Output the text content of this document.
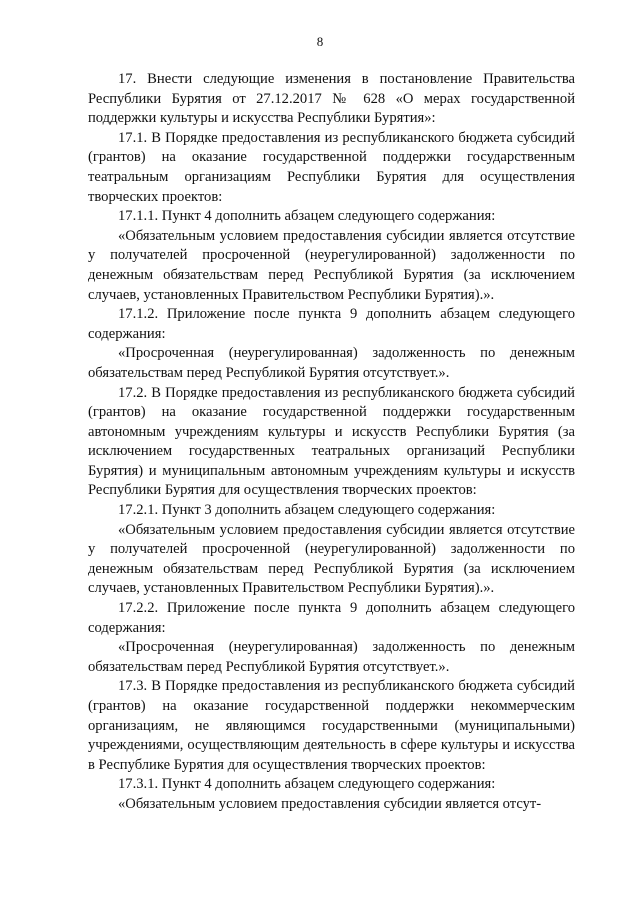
8

17. Внести следующие изменения в постановление Правительства Республики Бурятия от 27.12.2017 № 628 «О мерах государственной поддержки культуры и искусства Республики Бурятия»:

17.1. В Порядке предоставления из республиканского бюджета субсидий (грантов) на оказание государственной поддержки государственным театральным организациям Республики Бурятия для осуществления творческих проектов:

17.1.1. Пункт 4 дополнить абзацем следующего содержания:

«Обязательным условием предоставления субсидии является отсутствие у получателей просроченной (неурегулированной) задолженности по денежным обязательствам перед Республикой Бурятия (за исключением случаев, установленных Правительством Республики Бурятия).».

17.1.2. Приложение после пункта 9 дополнить абзацем следующего содержания:

«Просроченная (неурегулированная) задолженность по денежным обязательствам перед Республикой Бурятия отсутствует.».

17.2. В Порядке предоставления из республиканского бюджета субсидий (грантов) на оказание государственной поддержки государственным автономным учреждениям культуры и искусств Республики Бурятия (за исключением государственных театральных организаций Республики Бурятия) и муниципальным автономным учреждениям культуры и искусств Республики Бурятия для осуществления творческих проектов:

17.2.1. Пункт 3 дополнить абзацем следующего содержания:

«Обязательным условием предоставления субсидии является отсутствие у получателей просроченной (неурегулированной) задолженности по денежным обязательствам перед Республикой Бурятия (за исключением случаев, установленных Правительством Республики Бурятия).».

17.2.2. Приложение после пункта 9 дополнить абзацем следующего содержания:

«Просроченная (неурегулированная) задолженность по денежным обязательствам перед Республикой Бурятия отсутствует.».

17.3. В Порядке предоставления из республиканского бюджета субсидий (грантов) на оказание государственной поддержки некоммерческим организациям, не являющимся государственными (муниципальными) учреждениями, осуществляющим деятельность в сфере культуры и искусства в Республике Бурятия для осуществления творческих проектов:

17.3.1. Пункт 4 дополнить абзацем следующего содержания:

«Обязательным условием предоставления субсидии является отсут-
